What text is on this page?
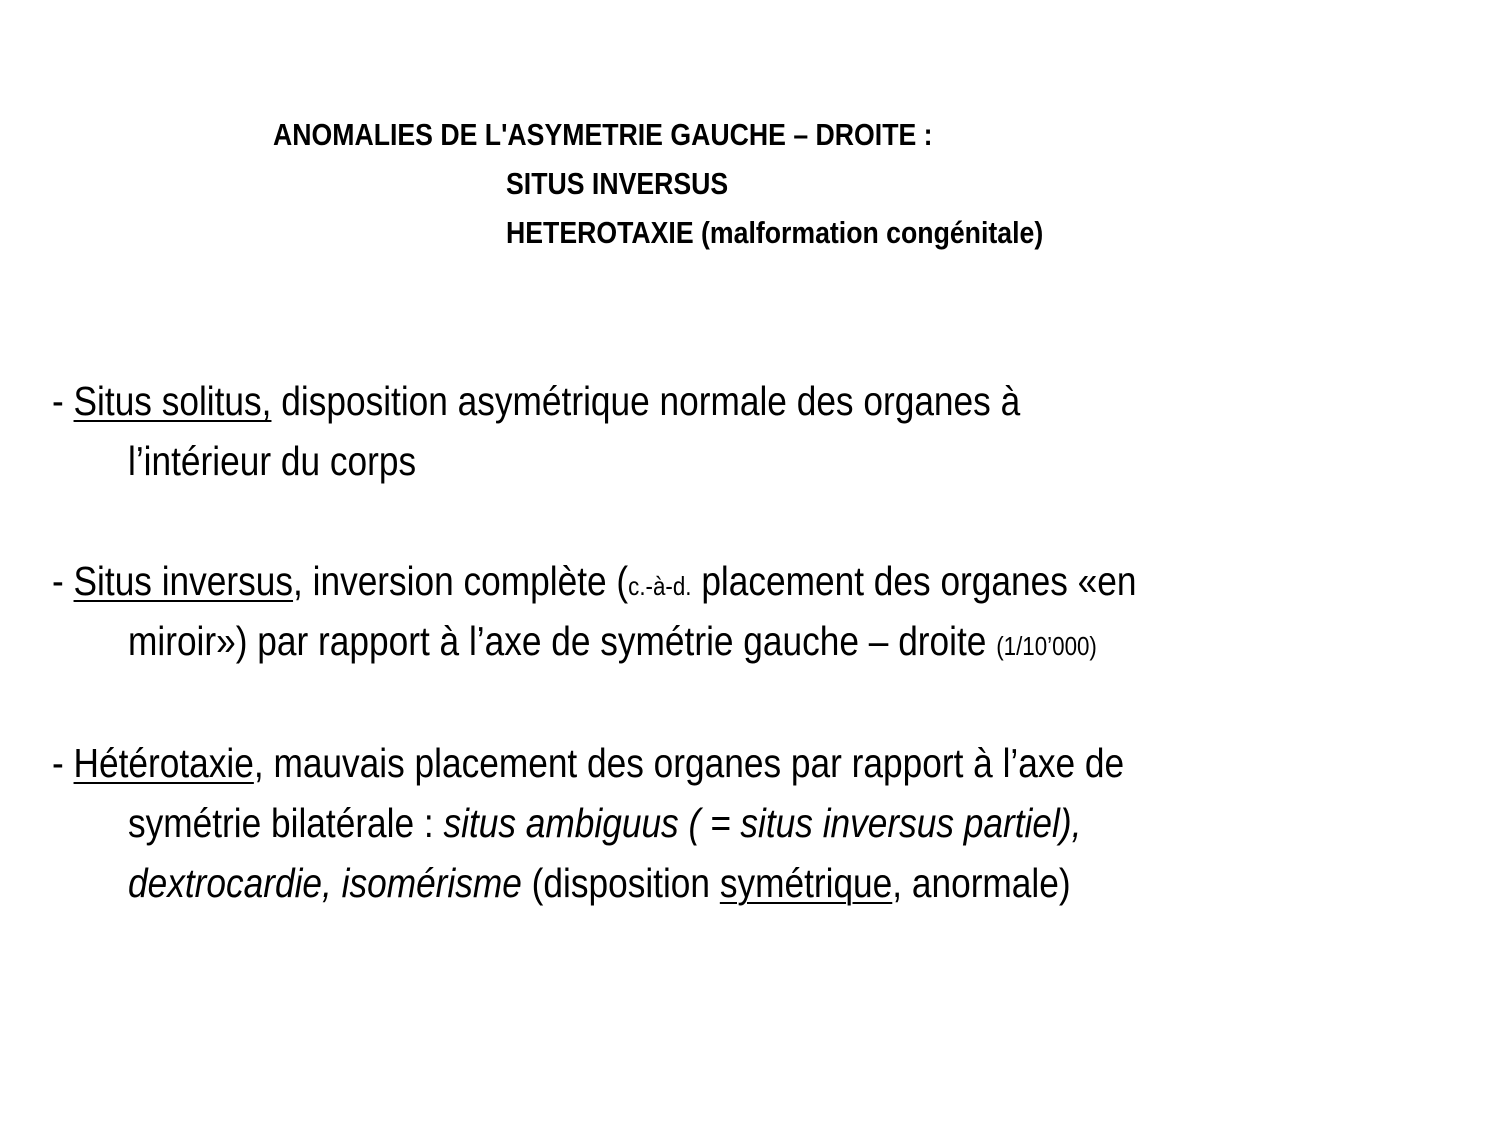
ANOMALIES DE L'ASYMETRIE GAUCHE – DROITE :
SITUS INVERSUS
HETEROTAXIE (malformation congénitale)
- Situs solitus, disposition asymétrique normale des organes à
l’intérieur du corps
- Situs inversus, inversion complète (c.-à-d. placement des organes «en
miroir») par rapport à l’axe de symétrie gauche – droite (1/10’000)
- Hétérotaxie, mauvais placement des organes par rapport à l’axe de
symétrie bilatérale : situs ambiguus ( = situs inversus partiel),
dextrocardie, isomérisme (disposition symétrique, anormale)
